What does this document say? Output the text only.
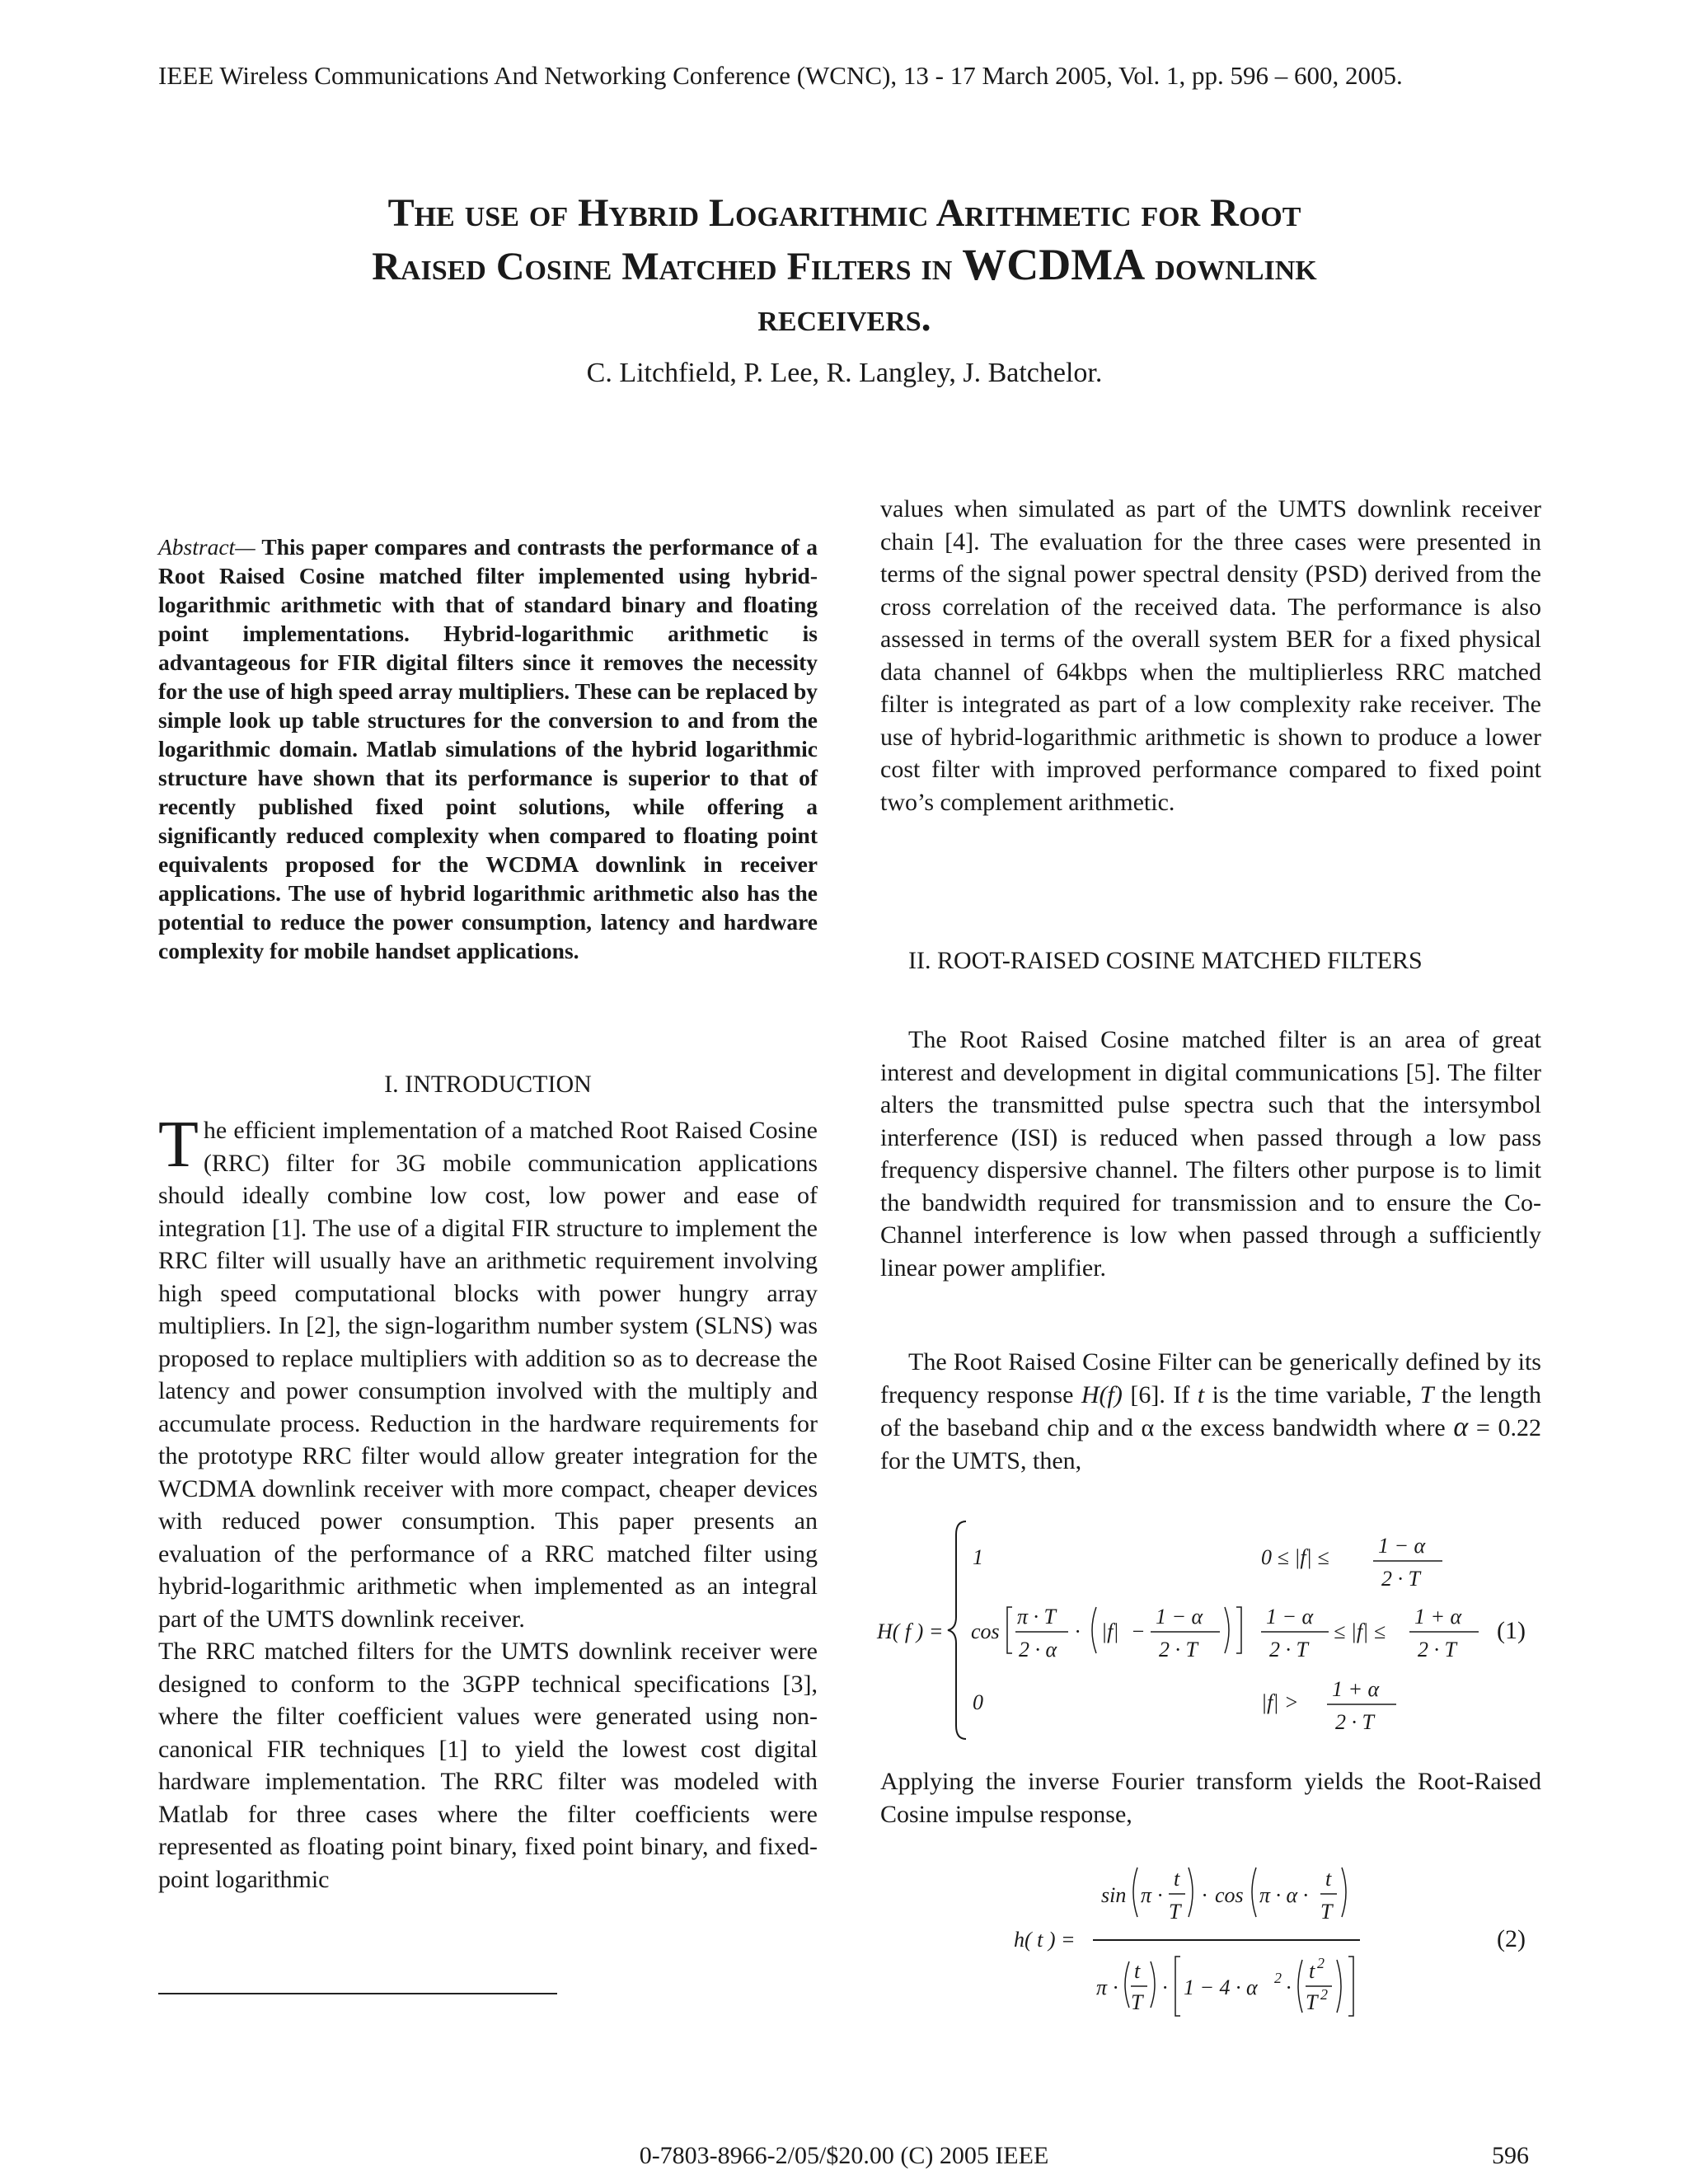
IEEE Wireless Communications And Networking Conference (WCNC), 13 - 17 March 2005, Vol. 1, pp. 596 – 600, 2005.
The use of Hybrid Logarithmic Arithmetic for Root
Raised Cosine Matched Filters in WCDMA downlink
receivers.
C. Litchfield, P. Lee, R. Langley, J. Batchelor.
Abstract— This paper compares and contrasts the performance of a Root Raised Cosine matched filter implemented using hybrid-logarithmic arithmetic with that of standard binary and floating point implementations. Hybrid-logarithmic arithmetic is advantageous for FIR digital filters since it removes the necessity for the use of high speed array multipliers. These can be replaced by simple look up table structures for the conversion to and from the logarithmic domain. Matlab simulations of the hybrid logarithmic structure have shown that its performance is superior to that of recently published fixed point solutions, while offering a significantly reduced complexity when compared to floating point equivalents proposed for the WCDMA downlink in receiver applications. The use of hybrid logarithmic arithmetic also has the potential to reduce the power consumption, latency and hardware complexity for mobile handset applications.
I. INTRODUCTION

The efficient implementation of a matched Root Raised Cosine (RRC) filter for 3G mobile communication applications should ideally combine low cost, low power and ease of integration [1]. The use of a digital FIR structure to implement the RRC filter will usually have an arithmetic requirement involving high speed computational blocks with power hungry array multipliers. In [2], the sign-logarithm number system (SLNS) was proposed to replace multipliers with addition so as to decrease the latency and power consumption involved with the multiply and accumulate process. Reduction in the hardware requirements for the prototype RRC filter would allow greater integration for the WCDMA downlink receiver with more compact, cheaper devices with reduced power consumption. This paper presents an evaluation of the performance of a RRC matched filter using hybrid-logarithmic arithmetic when implemented as an integral part of the UMTS downlink receiver.

The RRC matched filters for the UMTS downlink receiver were designed to conform to the 3GPP technical specifications [3], where the filter coefficient values were generated using non-canonical FIR techniques [1] to yield the lowest cost digital hardware implementation. The RRC filter was modeled with Matlab for three cases where the filter coefficients were represented as floating point binary, fixed point binary, and fixed-point logarithmic

values when simulated as part of the UMTS downlink receiver chain [4]. The evaluation for the three cases were presented in terms of the signal power spectral density (PSD) derived from the cross correlation of the received data. The performance is also assessed in terms of the overall system BER for a fixed physical data channel of 64kbps when the multiplierless RRC matched filter is integrated as part of a low complexity rake receiver. The use of hybrid-logarithmic arithmetic is shown to produce a lower cost filter with improved performance compared to fixed point two’s complement arithmetic.
II. ROOT-RAISED COSINE MATCHED FILTERS
The Root Raised Cosine matched filter is an area of great interest and development in digital communications [5]. The filter alters the transmitted pulse spectra such that the intersymbol interference (ISI) is reduced when passed through a low pass frequency dispersive channel. The filters other purpose is to limit the bandwidth required for transmission and to ensure the Co-Channel interference is low when passed through a sufficiently linear power amplifier.
The Root Raised Cosine Filter can be generically defined by its frequency response H(f) [6]. If t is the time variable, T the length of the baseband chip and α the excess bandwidth where α = 0.22 for the UMTS, then,
H( f ) =
1	0 ≤ |f| ≤ 1 − α
2 · T
cos
π · T
2 · α
· |f| −
1 − α
2 · T
1 − α
2 · T
≤ |f| ≤
1 + α
2 · T
(1)
0	|f| >
1 + α
2 · T
Applying the inverse Fourier transform yields the Root-Raised Cosine impulse response,
h( t ) =
sin π ·
t
T
· cos π · α ·
t
T
π ·
t
T
· 1 − 4 · α 2 ·
t 2
T 2
(2)
0-7803-8966-2/05/$20.00 (C) 2005 IEEE	596
